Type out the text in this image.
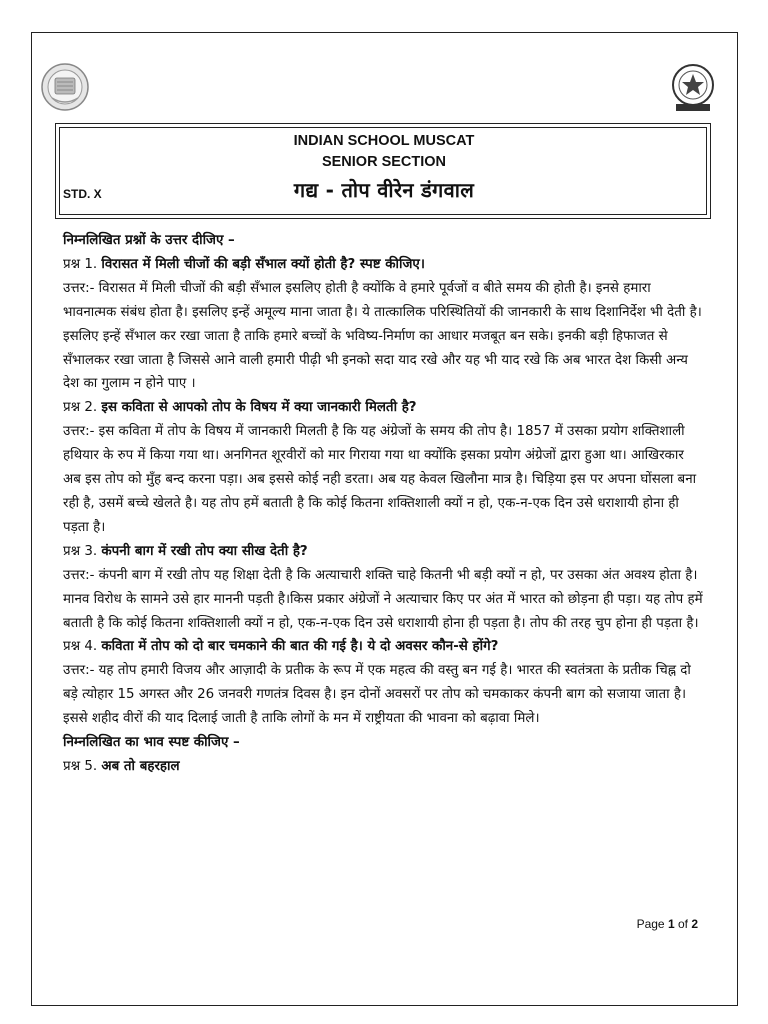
INDIAN SCHOOL MUSCAT
SENIOR SECTION
STD. X	गद्य - तोप वीरेन डंगवाल

निम्नलिखित प्रश्नों के उत्तर दीजिए –

प्रश्न 1. विरासत में मिली चीजों की बड़ी सँभाल क्यों होती है? स्पष्ट कीजिए।

उत्तर:- विरासत में मिली चीजों की बड़ी सँभाल इसलिए होती है क्योंकि वे हमारे पूर्वजों व बीते समय की होती है। इनसे हमारा भावनात्मक संबंध होता है। इसलिए इन्हें अमूल्य माना जाता है। ये तात्कालिक परिस्थितियों की जानकारी के साथ दिशानिर्देश भी देती है। इसलिए इन्हें सँभाल कर रखा जाता है ताकि हमारे बच्चों के भविष्य-निर्माण का आधार मजबूत बन सके। इनकी बड़ी हिफाजत से सँभालकर रखा जाता है जिससे आने वाली हमारी पीढ़ी भी इनको सदा याद रखे और यह भी याद रखे कि अब भारत देश किसी अन्य देश का गुलाम न होने पाए ।

प्रश्न 2. इस कविता से आपको तोप के विषय में क्या जानकारी मिलती है?

उत्तर:- इस कविता में तोप के विषय में जानकारी मिलती है कि यह अंग्रेजों के समय की तोप है। 1857 में उसका प्रयोग शक्तिशाली हथियार के रुप में किया गया था। अनगिनत शूरवीरों को मार गिराया गया था क्योंकि इसका प्रयोग अंग्रेजों द्वारा हुआ था। आखिरकार अब इस तोप को मुँह बन्द करना पड़ा। अब इससे कोई नही डरता। अब यह केवल खिलौना मात्र है। चिड़िया इस पर अपना घोंसला बना रही है, उसमें बच्चे खेलते है। यह तोप हमें बताती है कि कोई कितना शक्तिशाली क्यों न हो, एक-न-एक दिन उसे धराशायी होना ही पड़ता है।

प्रश्न 3. कंपनी बाग में रखी तोप क्या सीख देती है?

उत्तर:- कंपनी बाग में रखी तोप यह शिक्षा देती है कि अत्याचारी शक्ति चाहे कितनी भी बड़ी क्यों न हो, पर उसका अंत अवश्य होता है। मानव विरोध के सामने उसे हार माननी पड़ती है।किस प्रकार अंग्रेजों ने अत्याचार किए पर अंत में भारत को छोड़ना ही पड़ा। यह तोप हमें बताती है कि कोई कितना शक्तिशाली क्यों न हो, एक-न-एक दिन उसे धराशायी होना ही पड़ता है। तोप की तरह चुप होना ही पड़ता है।

प्रश्न 4. कविता में तोप को दो बार चमकाने की बात की गई है। ये दो अवसर कौन-से होंगे?

उत्तर:- यह तोप हमारी विजय और आज़ादी के प्रतीक के रूप में एक महत्व की वस्तु बन गई है। भारत की स्वतंत्रता के प्रतीक चिह्न दो बड़े त्योहार 15 अगस्त और 26 जनवरी गणतंत्र दिवस है। इन दोनों अवसरों पर तोप को चमकाकर कंपनी बाग को सजाया जाता है। इससे शहीद वीरों की याद दिलाई जाती है ताकि लोगों के मन में राष्ट्रीयता की भावना को बढ़ावा मिले।

निम्नलिखित का भाव स्पष्ट कीजिए –

प्रश्न 5. अब तो बहरहाल

Page 1 of 2
